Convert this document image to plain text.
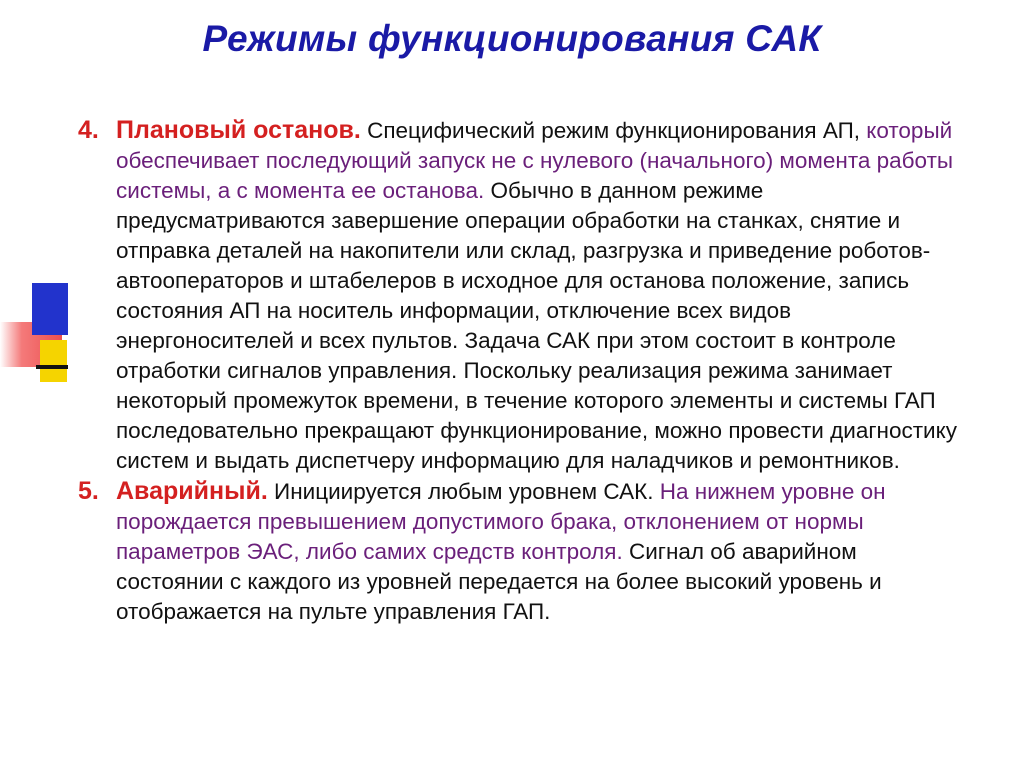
Режимы функционирования САК
4. Плановый останов. Специфический режим функционирования АП, который обеспечивает последующий запуск не с нулевого (начального) момента работы системы, а с момента ее останова. Обычно в данном режиме предусматриваются завершение операции обработки на станках, снятие и отправка деталей на накопители или склад, разгрузка и приведение роботов-автооператоров и штабелеров в исходное для останова положение, запись состояния АП на носитель информации, отключение всех видов энергоносителей и всех пультов. Задача САК при этом состоит в контроле отработки сигналов управления. Поскольку реализация режима занимает некоторый промежуток времени, в течение которого элементы и системы ГАП последовательно прекращают функционирование, можно провести диагностику систем и выдать диспетчеру информацию для наладчиков и ремонтников.
5. Аварийный. Инициируется любым уровнем САК. На нижнем уровне он порождается превышением допустимого брака, отклонением от нормы параметров ЭАС, либо самих средств контроля. Сигнал об аварийном состоянии с каждого из уровней передается на более высокий уровень и отображается на пульте управления ГАП.
